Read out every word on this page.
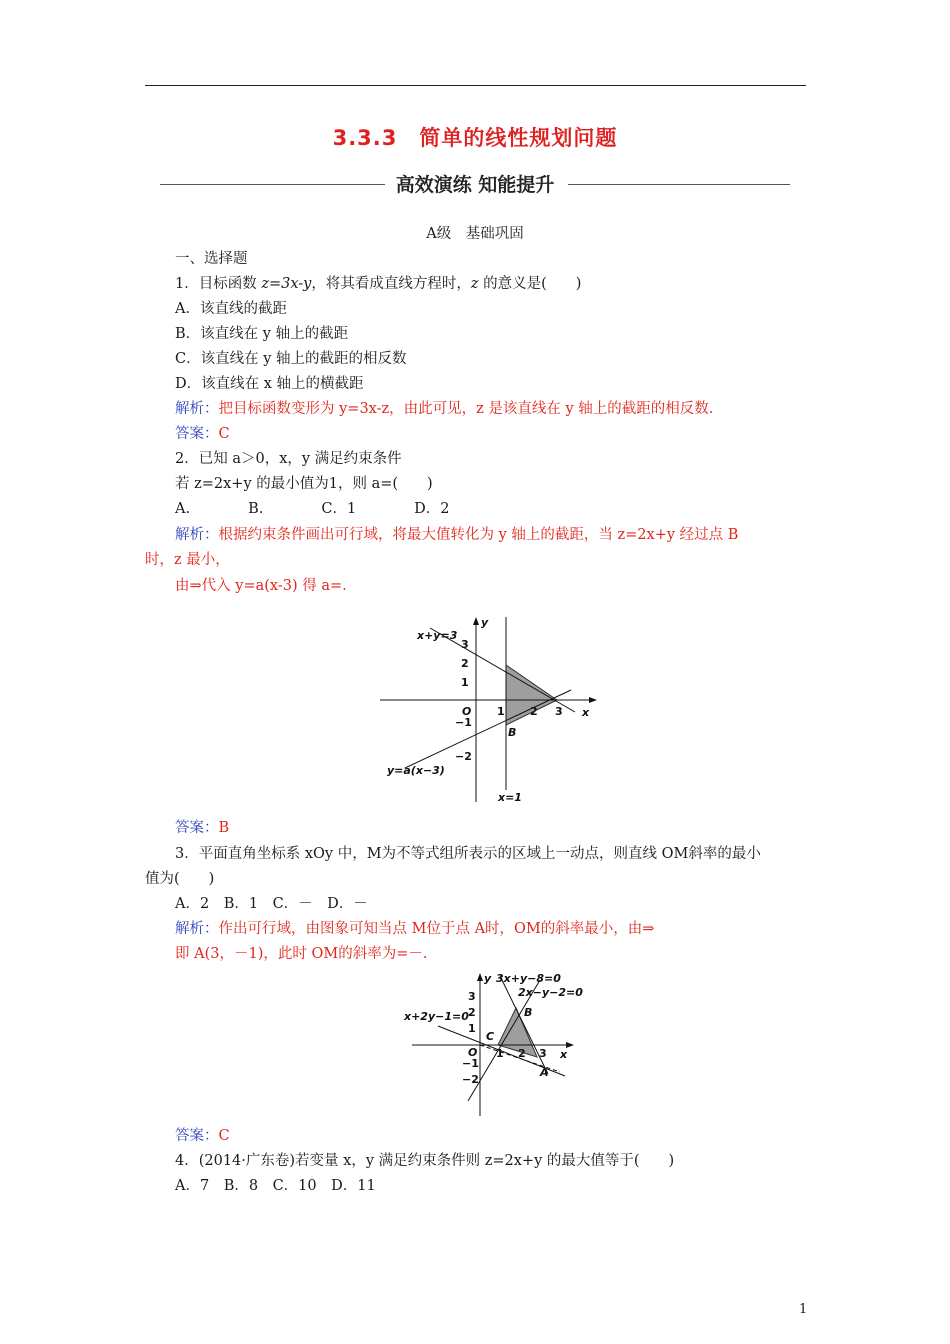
3.3.3　简单的线性规划问题
高效演练 知能提升
A级　基础巩固
一、选择题
1．目标函数 z=3x-y，将其看成直线方程时，z 的意义是(　　)
A．该直线的截距
B．该直线在 y 轴上的截距
C．该直线在 y 轴上的截距的相反数
D．该直线在 x 轴上的横截距
解析：把目标函数变形为 y=3x-z，由此可见，z 是该直线在 y 轴上的截距的相反数.
答案：C
2．已知 a＞0，x，y 满足约束条件
若 z=2x+y 的最小值为1，则 a=(　　)
A.　　　　B.　　　　C．1　　　　D．2
解析：根据约束条件画出可行域，将最大值转化为 y 轴上的截距，当 z=2x+y 经过点 B
时，z 最小，
由⇒代入 y=a(x-3) 得 a=.
x+y=3
y=a(x−3)
x=1
x
y
O
B
1 2 3
3
2
1
−1
−2
答案：B
3．平面直角坐标系 xOy 中，M为不等式组所表示的区域上一动点，则直线 OM斜率的最小
值为(　　)
A．2　B．1　C．－　D．－
解析：作出可行域，由图象可知当点 M位于点 A时，OM的斜率最小，由⇒
即 A(3，－1)，此时 OM的斜率为=－.
y 3x+y−8=0
2x−y−2=0
x+2y−1=0
x
O
B
C
A
1 2 3
3
2
1
−1
−2
答案：C
4．(2014·广东卷)若变量 x，y 满足约束条件则 z=2x+y 的最大值等于(　　)
A．7　B．8　C．10　D．11
1
